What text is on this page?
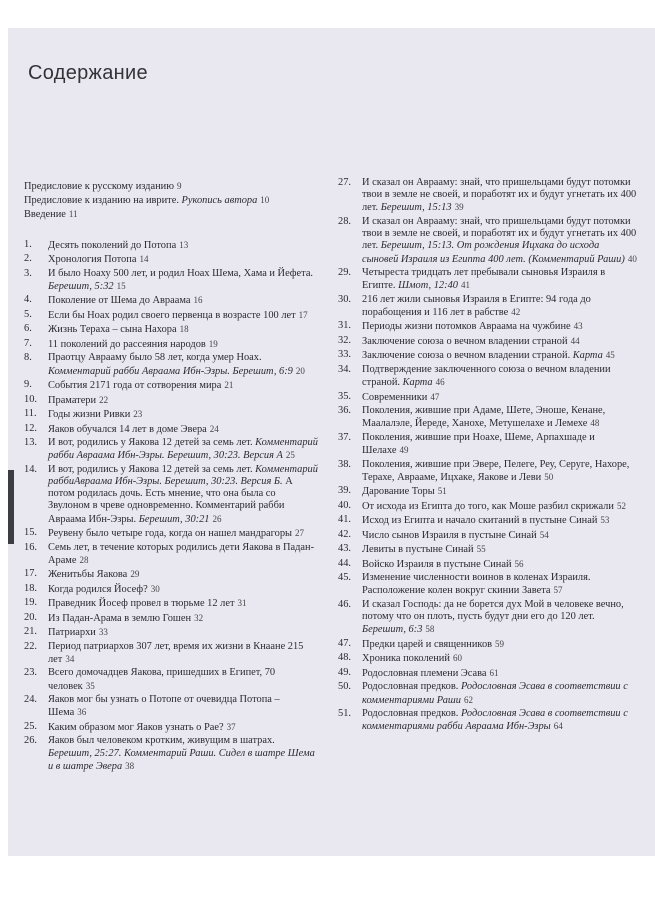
Содержание
Предисловие к русскому изданию 9
Предисловие к изданию на иврите. Рукопись автора 10
Введение 11
1.	Десять поколений до Потопа 13
2.	Хронология Потопа 14
3.	И было Ноаху 500 лет, и родил Ноах Шема, Хама и Йефета. Берешит, 5:32 15
4.	Поколение от Шема до Авраама 16
5.	Если бы Ноах родил своего первенца в возрасте 100 лет 17
6.	Жизнь Тераха – сына Нахора 18
7.	11 поколений до рассеяния народов 19
8.	Праотцу Аврааму было 58 лет, когда умер Ноах. Комментарий рабби Авраама Ибн-Эзры. Берешит, 6:9 20
9.	События 2171 года от сотворения мира 21
10.	Праматери 22
11.	Годы жизни Ривки 23
12.	Яаков обучался 14 лет в доме Эвера 24
13.	И вот, родились у Яакова 12 детей за семь лет. Комментарий рабби Авраама Ибн-Эзры. Берешит, 30:23. Версия А 25
14.	И вот, родились у Яакова 12 детей за семь лет. Комментарий раббиАвраама Ибн-Эзры. Берешит, 30:23. Версия Б. А потом родилась дочь. Есть мнение, что она была со Звулоном в чреве одновременно. Комментарий рабби Авраама Ибн-Эзры. Берешит, 30:21 26
15.	Реувену было четыре года, когда он нашел мандрагоры 27
16.	Семь лет, в течение которых родились дети Яакова в Падан-Араме 28
17.	Женитьбы Яакова 29
18.	Когда родился Йосеф? 30
19.	Праведник Йосеф провел в тюрьме 12 лет 31
20.	Из Падан-Арама в землю Гошен 32
21.	Патриархи 33
22.	Период патриархов 307 лет, время их жизни в Кнаане 215 лет 34
23.	Всего домочадцев Яакова, пришедших в Египет, 70 человек 35
24.	Яаков мог бы узнать о Потопе от очевидца Потопа – Шема 36
25.	Каким образом мог Яаков узнать о Рае? 37
26.	Яаков был человеком кротким, живущим в шатрах. Берешит, 25:27. Комментарий Раши. Сидел в шатре Шема и в шатре Эвера 38
27.	И сказал он Аврааму: знай, что пришельцами будут потомки твои в земле не своей, и поработят их и будут угнетать их 400 лет. Берешит, 15:13 39
28.	И сказал он Аврааму: знай, что пришельцами будут потомки твои в земле не своей, и поработят их и будут угнетать их 400 лет. Берешит, 15:13. От рождения Ицхака до исхода сыновей Израиля из Египта 400 лет. (Комментарий Раши) 40
29.	Четыреста тридцать лет пребывали сыновья Израиля в Египте. Шмот, 12:40 41
30.	216 лет жили сыновья Израиля в Египте: 94 года до порабощения и 116 лет в рабстве 42
31.	Периоды жизни потомков Авраама на чужбине 43
32.	Заключение союза о вечном владении страной 44
33.	Заключение союза о вечном владении страной. Карта 45
34.	Подтверждение заключенного союза о вечном владении страной. Карта 46
35.	Современники 47
36.	Поколения, жившие при Адаме, Шете, Эноше, Кенане, Маалалэле, Йереде, Ханохе, Метушелахе и Лемехе 48
37.	Поколения, жившие при Ноахе, Шеме, Арпахшаде и Шелахе 49
38.	Поколения, жившие при Эвере, Пелеге, Реу, Серуге, Нахоре, Терахе, Аврааме, Ицхаке, Яакове и Леви 50
39.	Дарование Торы 51
40.	От исхода из Египта до того, как Моше разбил скрижали 52
41.	Исход из Египта и начало скитаний в пустыне Синай 53
42.	Число сынов Израиля в пустыне Синай 54
43.	Левиты в пустыне Синай 55
44.	Войско Израиля в пустыне Синай 56
45.	Изменение численности воинов в коленах Израиля. Расположение колен вокруг скинии Завета 57
46.	И сказал Господь: да не борется дух Мой в человеке вечно, потому что он плоть, пусть будут дни его до 120 лет. Берешит, 6:3 58
47.	Предки царей и священников 59
48.	Хроника поколений 60
49.	Родословная племени Эсава 61
50.	Родословная предков. Родословная Эсава в соответствии с комментариями Раши 62
51.	Родословная предков. Родословная Эсава в соответствии с комментариями рабби Авраама Ибн-Эзры 64
